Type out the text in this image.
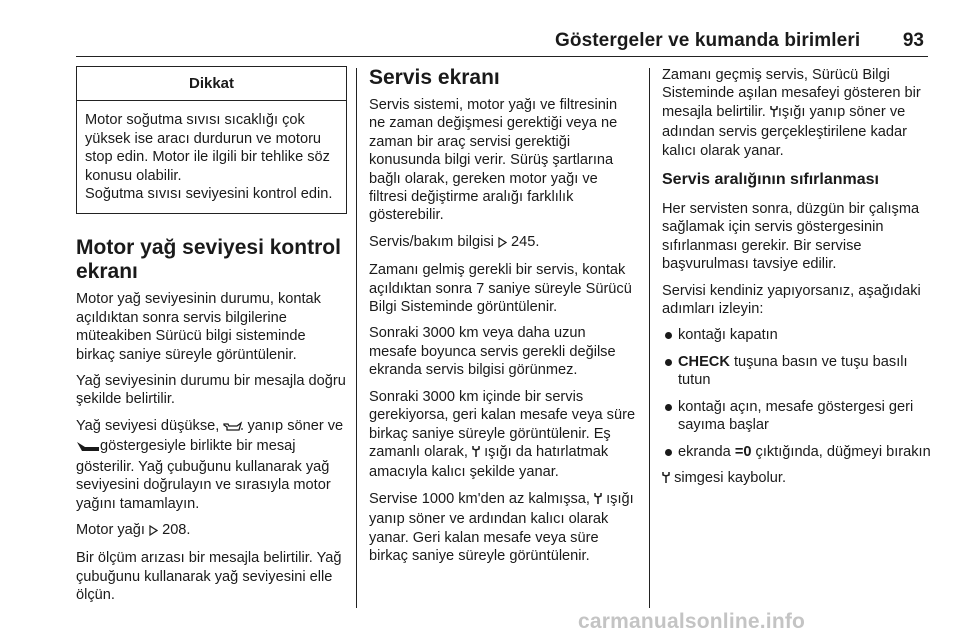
Göstergeler ve kumanda birimleri 93
Dikkat

Motor soğutma sıvısı sıcaklığı çok yüksek ise aracı durdurun ve motoru stop edin. Motor ile ilgili bir tehlike söz konusu olabilir.

Soğutma sıvısı seviyesini kontrol edin.

Motor yağ seviyesi kontrol ekranı

Motor yağ seviyesinin durumu, kontak açıldıktan sonra servis bilgilerine müteakiben Sürücü bilgi sisteminde birkaç saniye süreyle görüntülenir.

Yağ seviyesinin durumu bir mesajla doğru şekilde belirtilir.

Yağ seviyesi düşükse, yanıp söner ve göstergesiyle birlikte bir mesaj gösterilir. Yağ çubuğunu kullanarak yağ seviyesini doğrulayın ve sırasıyla motor yağını tamamlayın.

Motor yağı 208.

Bir ölçüm arızası bir mesajla belirtilir. Yağ çubuğunu kullanarak yağ seviyesini elle ölçün.

Servis ekranı

Servis sistemi, motor yağı ve filtresinin ne zaman değişmesi gerektiği veya ne zaman bir araç servisi gerektiği konusunda bilgi verir. Sürüş şartlarına bağlı olarak, gereken motor yağı ve filtresi değiştirme aralığı farklılık gösterebilir.

Servis/bakım bilgisi 245.

Zamanı gelmiş gerekli bir servis, kontak açıldıktan sonra 7 saniye süreyle Sürücü Bilgi Sisteminde görüntülenir.

Sonraki 3000 km veya daha uzun mesafe boyunca servis gerekli değilse ekranda servis bilgisi görünmez.

Sonraki 3000 km içinde bir servis gerekiyorsa, geri kalan mesafe veya süre birkaç saniye süreyle görüntülenir. Eş zamanlı olarak, ışığı da hatırlatmak amacıyla kalıcı şekilde yanar.

Servise 1000 km'den az kalmışsa, ışığı yanıp söner ve ardından kalıcı olarak yanar. Geri kalan mesafe veya süre birkaç saniye süreyle görüntülenir.

Zamanı geçmiş servis, Sürücü Bilgi Sisteminde aşılan mesafeyi gösteren bir mesajla belirtilir. ışığı yanıp söner ve adından servis gerçekleştirilene kadar kalıcı olarak yanar.

Servis aralığının sıfırlanması

Her servisten sonra, düzgün bir çalışma sağlamak için servis göstergesinin sıfırlanması gerekir. Bir servise başvurulması tavsiye edilir.

Servisi kendiniz yapıyorsanız, aşağıdaki adımları izleyin:

kontağı kapatın
CHECK tuşuna basın ve tuşu basılı tutun
kontağı açın, mesafe göstergesi geri sayıma başlar
ekranda =0 çıktığında, düğmeyi bırakın

simgesi kaybolur.

carmanualsonline.info
